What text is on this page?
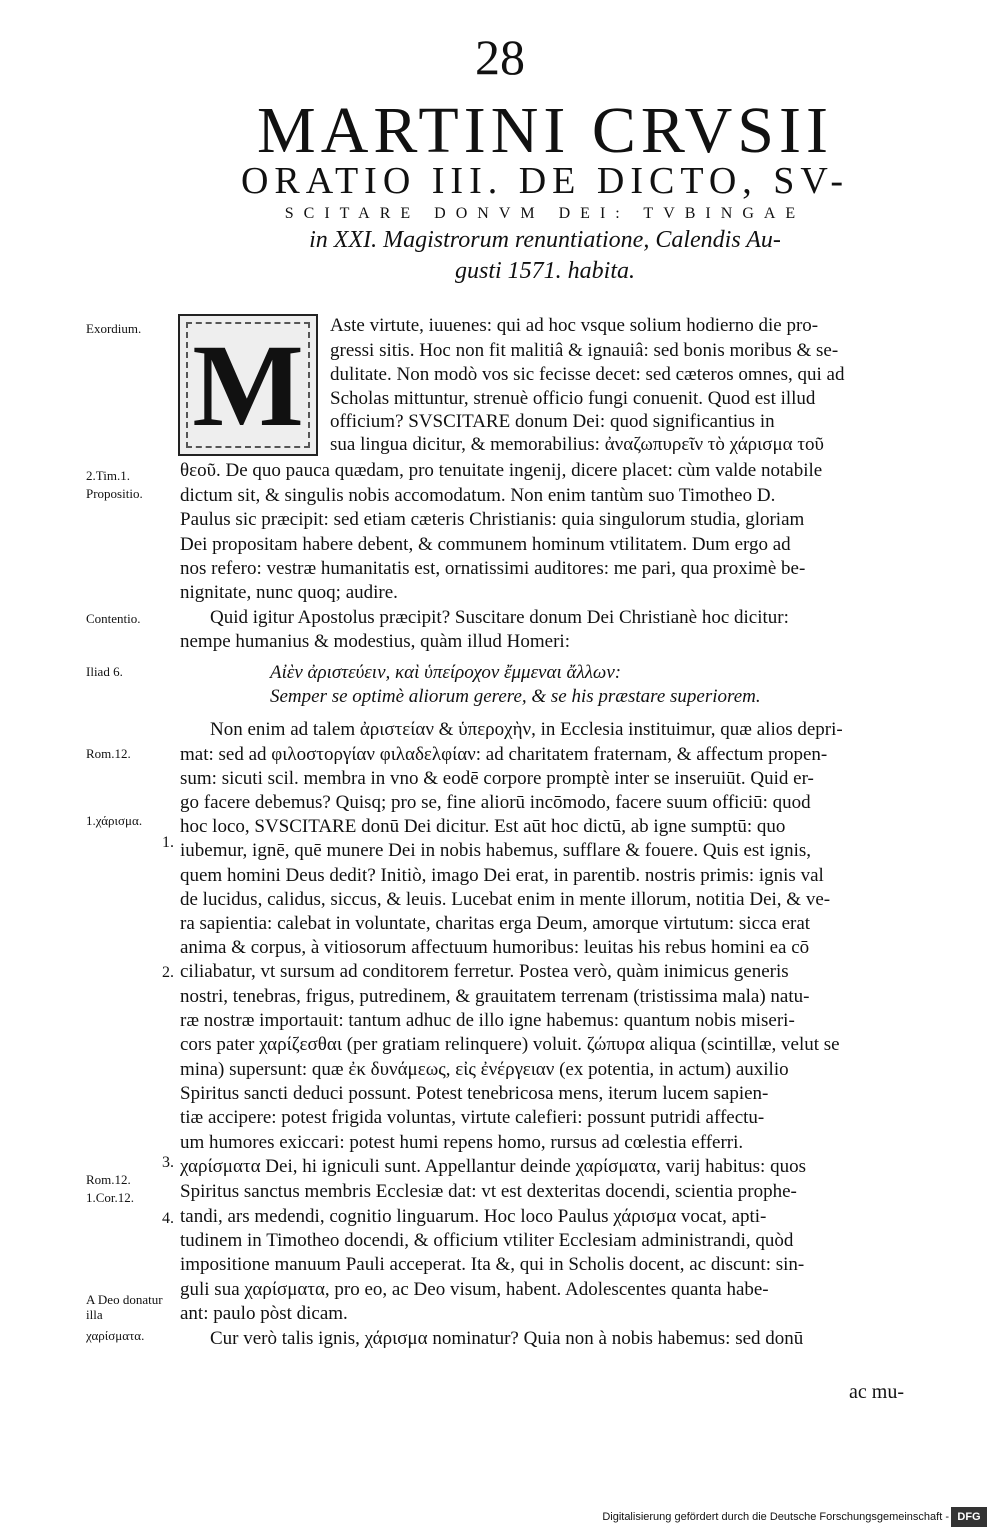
28
MARTINI CRVSII
ORATIO III. DE DICTO, SV-
SCITARE DONVM DEI: TVBINGAE
in XXI. Magistrorum renuntiatione, Calendis Au-
gusti 1571. habita.
M
Exordium.
2.Tim.1.
Propositio.
Contentio.
Iliad 6.
Rom.12.
1.χάρισμα.
Rom.12.
1.Cor.12.
A Deo donatur illa
χαρίσματα.
1.
2.
3.
4.
Aste virtute, iuuenes: qui ad hoc vsque solium hodierno die pro-
gressi sitis. Hoc non fit malitiâ & ignauiâ: sed bonis moribus & se-
dulitate. Non modò vos sic fecisse decet: sed cæteros omnes, qui ad
Scholas mittuntur, strenuè officio fungi conuenit. Quod est illud
officium? SVSCITARE donum Dei: quod significantius in
sua lingua dicitur, & memorabilius: ἀναζωπυρεῖν τὸ χάρισμα τοῦ
θεοῦ. De quo pauca quædam, pro tenuitate ingenij, dicere placet: cùm valde notabile
dictum sit, & singulis nobis accomodatum. Non enim tantùm suo Timotheo D.
Paulus sic præcipit: sed etiam cæteris Christianis: quia singulorum studia, gloriam
Dei propositam habere debent, & communem hominum vtilitatem. Dum ergo ad
nos refero: vestræ humanitatis est, ornatissimi auditores: me pari, qua proximè be-
nignitate, nunc quoq; audire.
Quid igitur Apostolus præcipit? Suscitare donum Dei Christianè hoc dicitur:
nempe humanius & modestius, quàm illud Homeri:
Αἰὲν ἀριστεύειν, καὶ ὑπείροχον ἔμμεναι ἄλλων:
Semper se optimè aliorum gerere, & se his præstare superiorem.
Non enim ad talem ἀριστείαν & ὑπεροχὴν, in Ecclesia instituimur, quæ alios depri-
mat: sed ad φιλοστοργίαν φιλαδελφίαν: ad charitatem fraternam, & affectum propen-
sum: sicuti scil. membra in vno & eodē corpore promptè inter se inseruiūt. Quid er-
go facere debemus? Quisq; pro se, fine aliorū incōmodo, facere suum officiū: quod
hoc loco, SVSCITARE donū Dei dicitur. Est aūt hoc dictū, ab igne sumptū: quo
iubemur, ignē, quē munere Dei in nobis habemus, sufflare & fouere. Quis est ignis,
quem homini Deus dedit? Initiò, imago Dei erat, in parentib. nostris primis: ignis val
de lucidus, calidus, siccus, & leuis. Lucebat enim in mente illorum, notitia Dei, & ve-
ra sapientia: calebat in voluntate, charitas erga Deum, amorque virtutum: sicca erat
anima & corpus, à vitiosorum affectuum humoribus: leuitas his rebus homini ea cō
ciliabatur, vt sursum ad conditorem ferretur. Postea verò, quàm inimicus generis
nostri, tenebras, frigus, putredinem, & grauitatem terrenam (tristissima mala) natu-
ræ nostræ importauit: tantum adhuc de illo igne habemus: quantum nobis miseri-
cors pater χαρίζεσθαι (per gratiam relinquere) voluit. ζώπυρα aliqua (scintillæ, velut se
mina) supersunt: quæ ἐκ δυνάμεως, εἰς ἐνέργειαν (ex potentia, in actum) auxilio
Spiritus sancti deduci possunt. Potest tenebricosa mens, iterum lucem sapien-
tiæ accipere: potest frigida voluntas, virtute calefieri: possunt putridi affectu-
um humores exiccari: potest humi repens homo, rursus ad cœlestia efferri.
χαρίσματα Dei, hi igniculi sunt. Appellantur deinde χαρίσματα, varij habitus: quos
Spiritus sanctus membris Ecclesiæ dat: vt est dexteritas docendi, scientia prophe-
tandi, ars medendi, cognitio linguarum. Hoc loco Paulus χάρισμα vocat, apti-
tudinem in Timotheo docendi, & officium vtiliter Ecclesiam administrandi, quòd
impositione manuum Pauli acceperat. Ita &, qui in Scholis docent, ac discunt: sin-
guli sua χαρίσματα, pro eo, ac Deo visum, habent. Adolescentes quanta habe-
ant: paulo pòst dicam.
Cur verò talis ignis, χάρισμα nominatur? Quia non à nobis habemus: sed donū
ac mu-
Digitalisierung gefördert durch die Deutsche Forschungsgemeinschaft - DFG
